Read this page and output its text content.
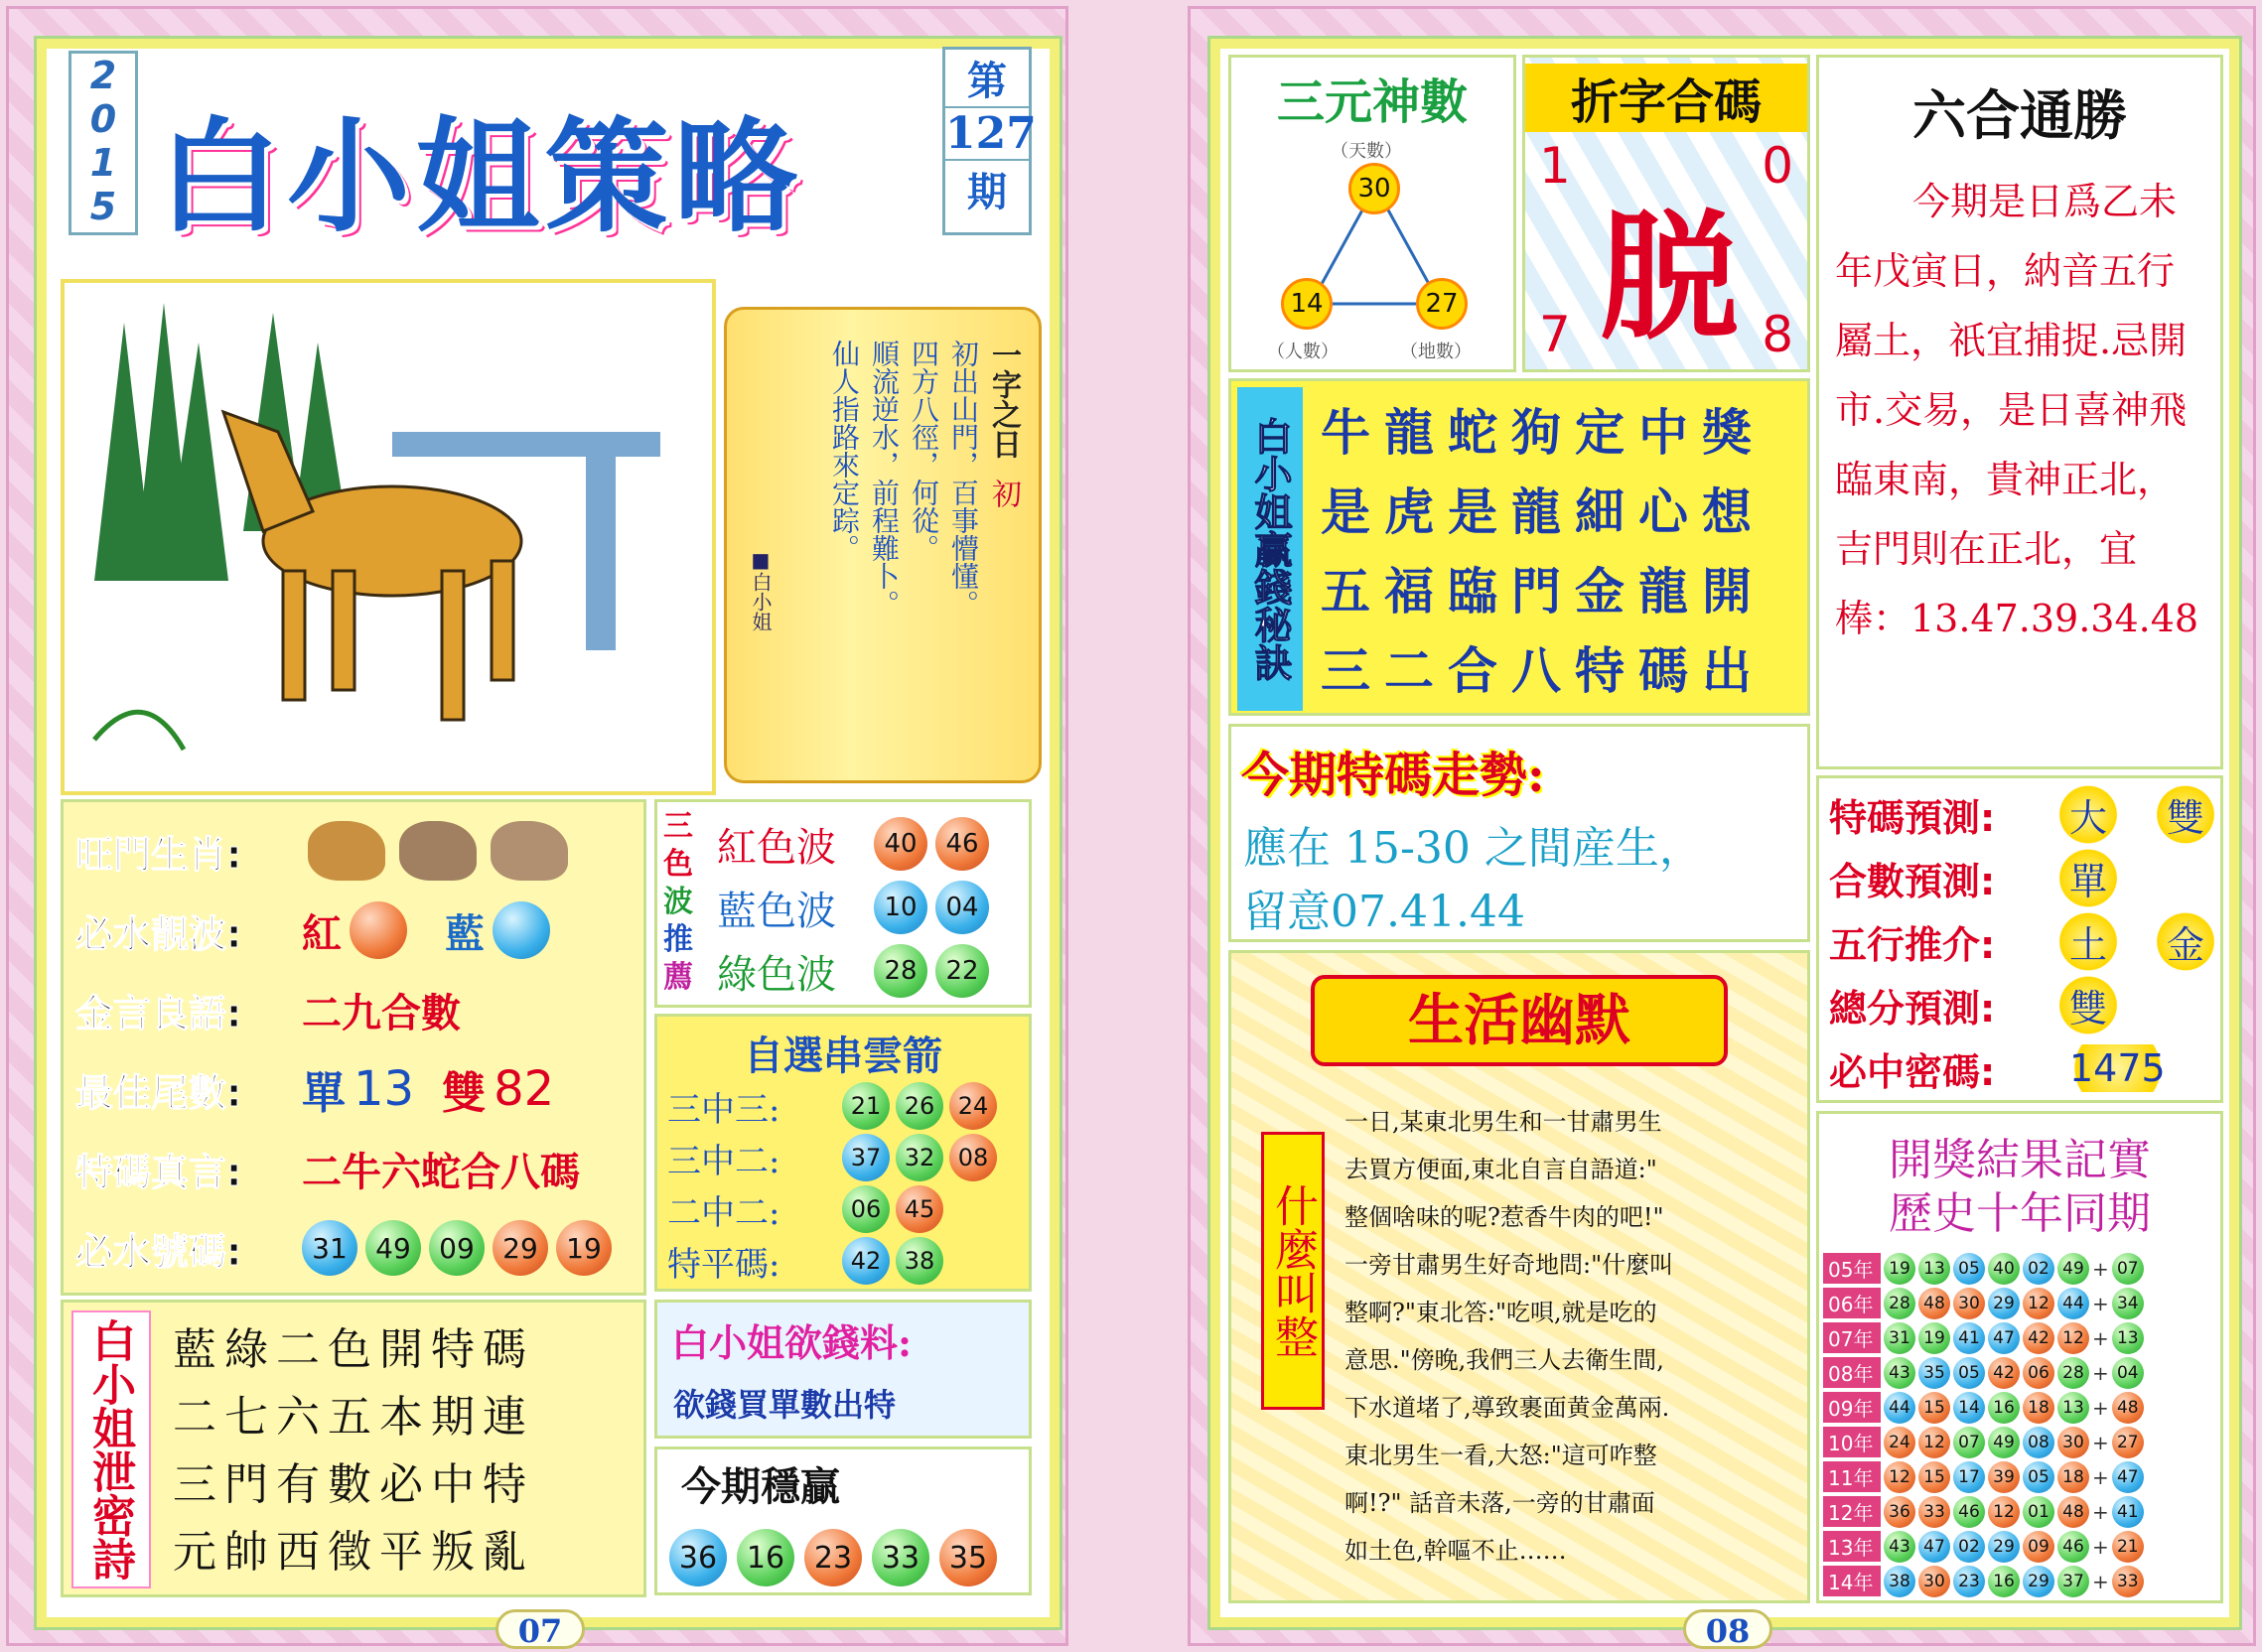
2
0
1
5 白小姐策略
第
127
期
一字之日
初
初出山門，百事懵懂。
四方八徑，何從。
順流逆水，前程難卜。
仙人指路來定踪。
■白小姐
旺門生肖:
必水靚波:	紅	藍
金言良語:	二九合數
最佳尾數:	單 13 雙 82
特碼真言:	二牛六蛇合八碼
必水號碼:	31	49	09	29	19
三
色
波
推
薦
紅色波	40	46
藍色波	10	04
綠色波	28	22
自選串雲箭
三中三:	21 26 24
三中二:	37 32 08
二中二:	06 45
特平碼:	42 38
白小姐泄密詩 藍綠二色開特碼
二七六五本期連
三門有數必中特
元帥西徵平叛亂
白小姐欲錢料:
欲錢買單數出特
今期穩贏
36 16 23 33 35
07
三元神數
（天數）
30
14	27
（人數）	（地數）
折字合碼
1	0
脱
7	8
六合通勝
今期是日爲乙未年戊寅日，納音五行屬土，祇宜捕捉.忌開市.交易，是日喜神飛臨東南，貴神正北，吉門則在正北，宜棒：13.47.39.34.48
白小姐贏錢秘訣 牛龍蛇狗定中獎
是虎是龍細心想
五福臨門金龍開
三二合八特碼出
今期特碼走勢:
應在 15-30 之間産生，
留意07.41.44
特碼預測:	大	雙
合數預測:	單
五行推介:	土	金
總分預測:	雙
必中密碼:	1475
生活幽默
什麼叫整
一日,某東北男生和一甘肅男生
去買方便面,東北自言自語道:"
整個啥味的呢?惹香牛肉的吧!"
一旁甘肅男生好奇地問:"什麼叫
整啊?"東北答:"吃唄,就是吃的
意思."傍晚,我們三人去衛生間,
下水道堵了,導致裹面黄金萬兩.
東北男生一看,大怒:"這可咋整
啊!?" 話音未落,一旁的甘肅面
如土色,幹嘔不止……
開獎結果記實
歷史十年同期
05年 19 13 05 40 02 49 + 07
06年 28 48 30 29 12 44 + 34
07年 31 19 41 47 42 12 + 13
08年 43 35 05 42 06 28 + 04
09年 44 15 14 16 18 13 + 48
10年 24 12 07 49 08 30 + 27
11年 12 15 17 39 05 18 + 47
12年 36 33 46 12 01 48 + 41
13年 43 47 02 29 09 46 + 21
14年 38 30 23 16 29 37 + 33
08
